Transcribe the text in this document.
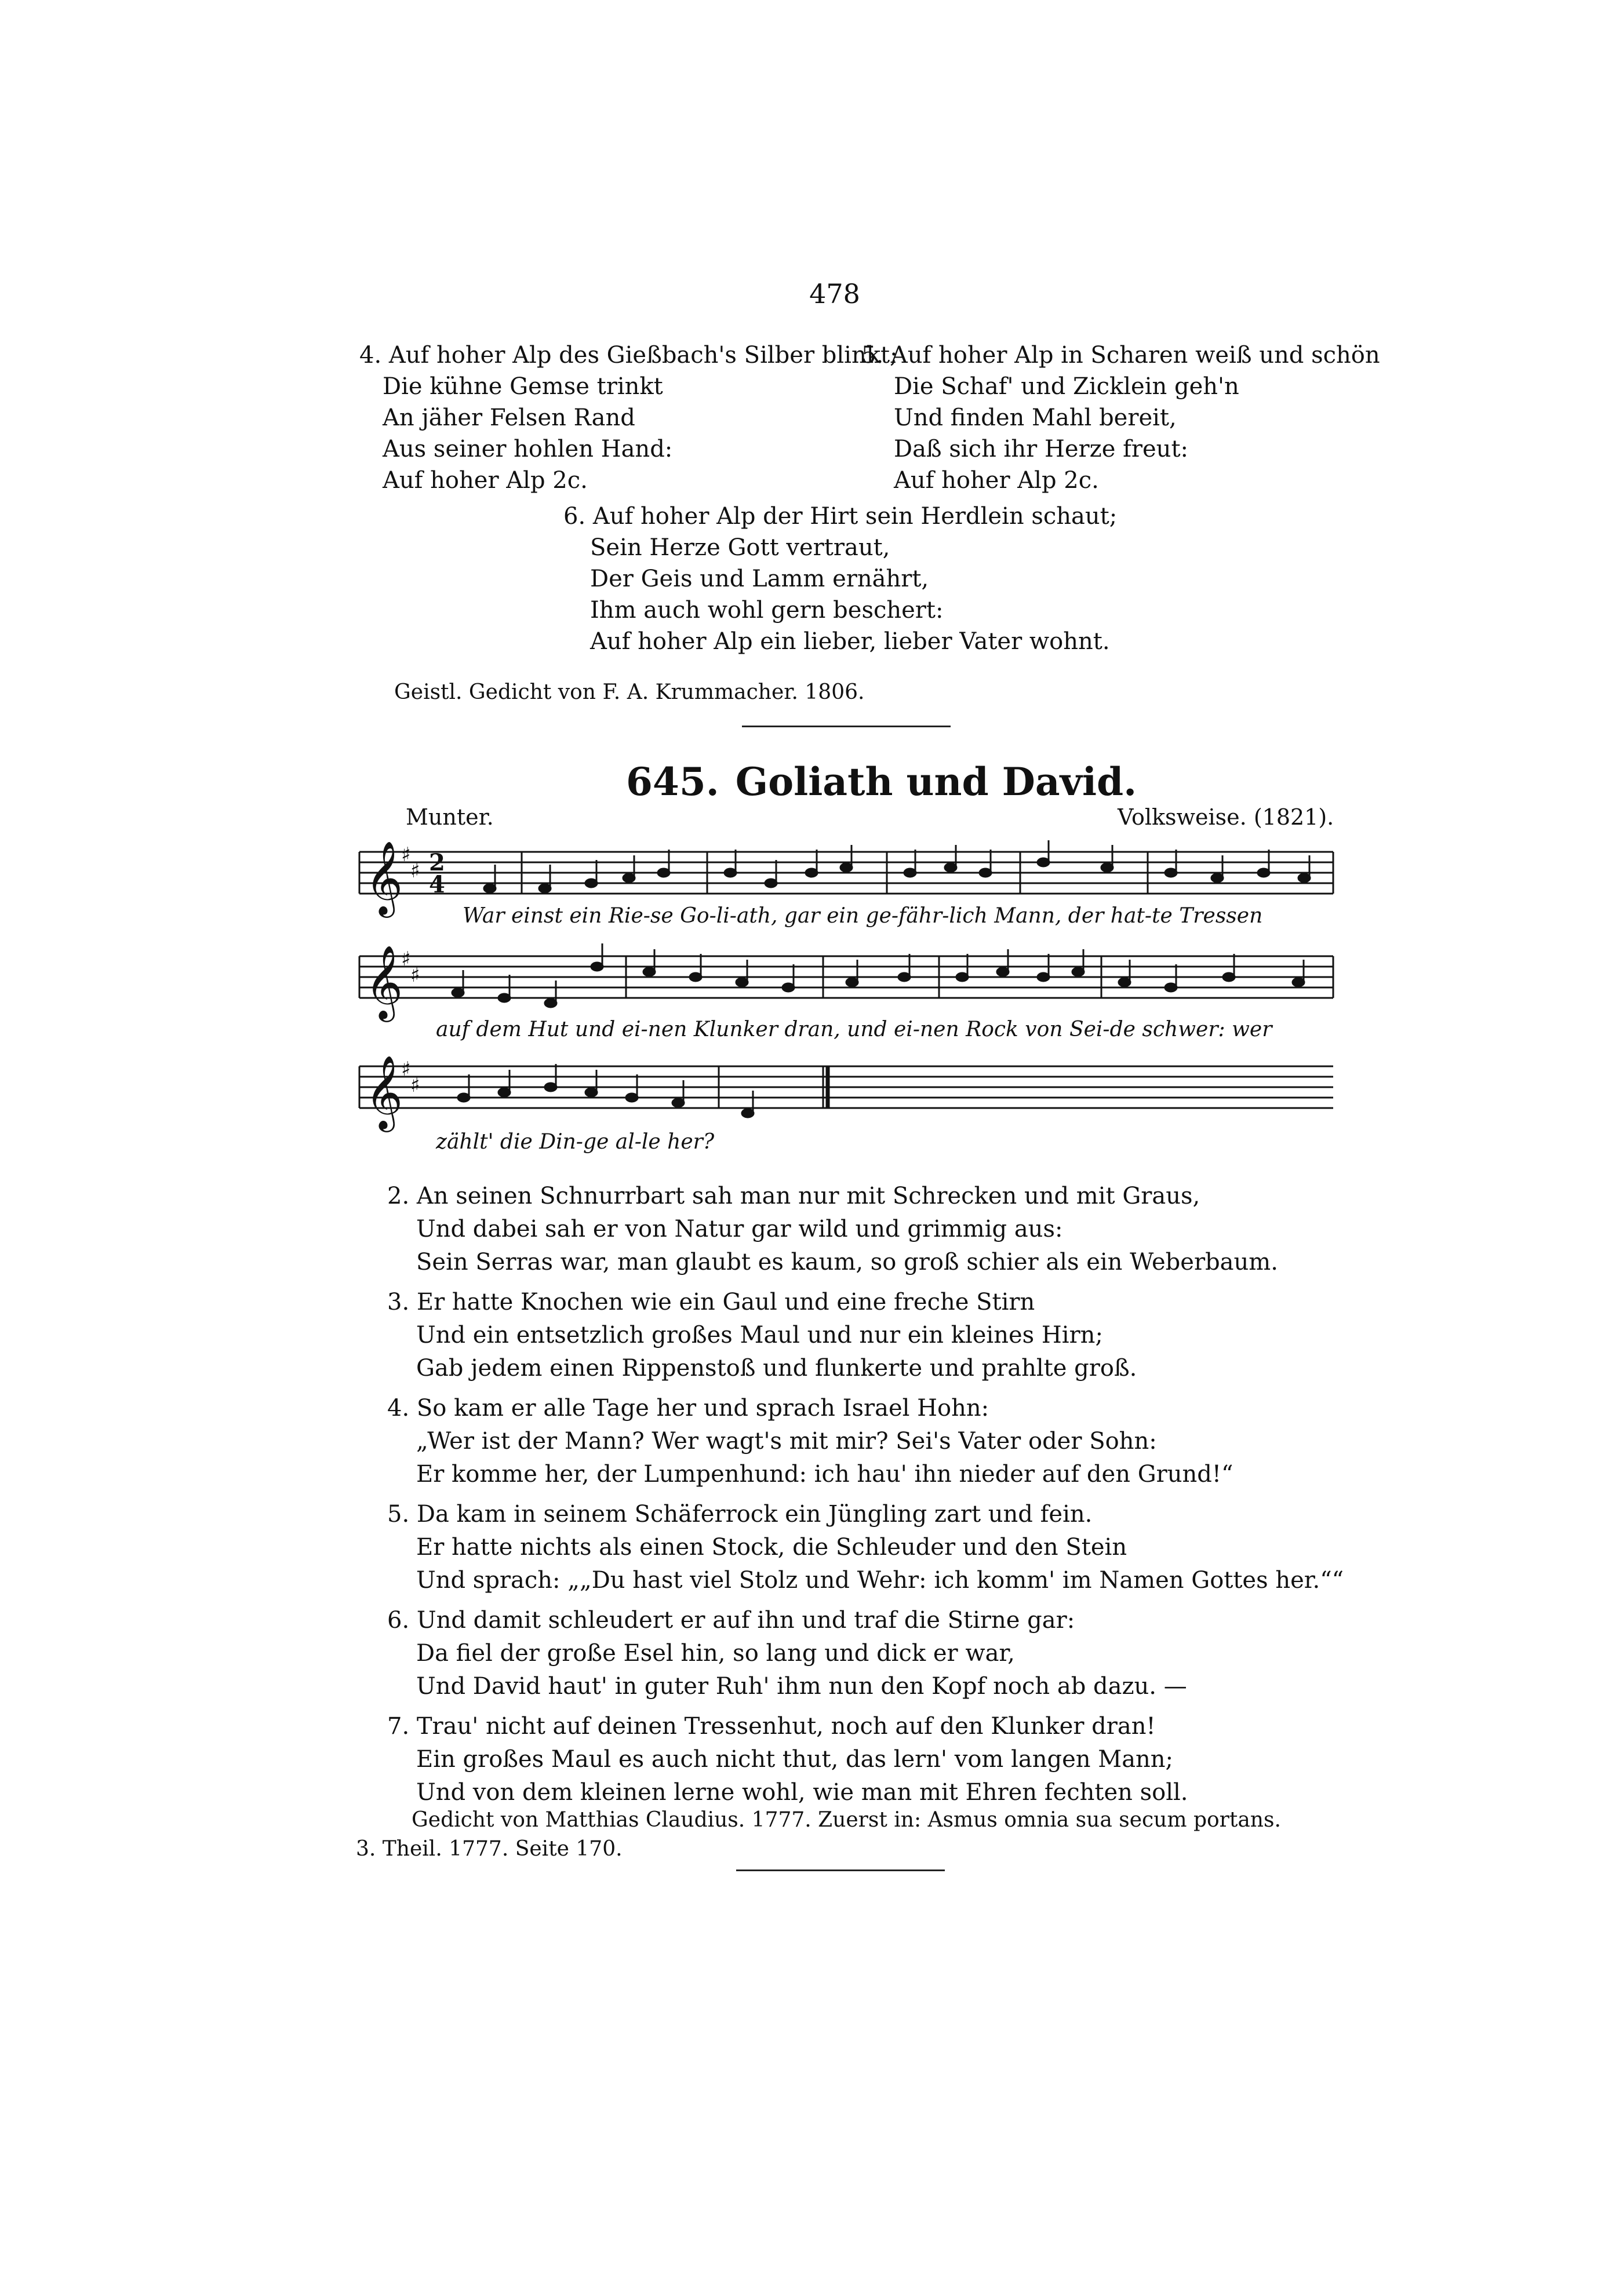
478
4. Auf hoher Alp des Gießbach's Silber blinkt;
Die kühne Gemse trinkt
An jäher Felsen Rand
Aus seiner hohlen Hand:
Auf hoher Alp 2c.
5. Auf hoher Alp in Scharen weiß und schön
Die Schaf' und Zicklein geh'n
Und finden Mahl bereit,
Daß sich ihr Herze freut:
Auf hoher Alp 2c.
6. Auf hoher Alp der Hirt sein Herdlein schaut;
Sein Herze Gott vertraut,
Der Geis und Lamm ernährt,
Ihm auch wohl gern beschert:
Auf hoher Alp ein lieber, lieber Vater wohnt.
Geistl. Gedicht von F. A. Krummacher. 1806.
645. Goliath und David.
Munter.	Volksweise. (1821).
𝄞
𝄞
𝄞
♯
♯
♯
♯
♯
♯
2
4
War einst ein Rie-se Go-li-ath, gar ein ge-fähr-lich Mann, der hat-te Tressen
auf dem Hut und ei-nen Klunker dran, und ei-nen Rock von Sei-de schwer: wer
zählt' die Din-ge al-le her?
2. An seinen Schnurrbart sah man nur mit Schrecken und mit Graus,
Und dabei sah er von Natur gar wild und grimmig aus:
Sein Serras war, man glaubt es kaum, so groß schier als ein Weberbaum.
3. Er hatte Knochen wie ein Gaul und eine freche Stirn
Und ein entsetzlich großes Maul und nur ein kleines Hirn;
Gab jedem einen Rippenstoß und flunkerte und prahlte groß.
4. So kam er alle Tage her und sprach Israel Hohn:
„Wer ist der Mann? Wer wagt's mit mir? Sei's Vater oder Sohn:
Er komme her, der Lumpenhund: ich hau' ihn nieder auf den Grund!“
5. Da kam in seinem Schäferrock ein Jüngling zart und fein.
Er hatte nichts als einen Stock, die Schleuder und den Stein
Und sprach: „„Du hast viel Stolz und Wehr: ich komm' im Namen Gottes her.““
6. Und damit schleudert er auf ihn und traf die Stirne gar:
Da fiel der große Esel hin, so lang und dick er war,
Und David haut' in guter Ruh' ihm nun den Kopf noch ab dazu. —
7. Trau' nicht auf deinen Tressenhut, noch auf den Klunker dran!
Ein großes Maul es auch nicht thut, das lern' vom langen Mann;
Und von dem kleinen lerne wohl, wie man mit Ehren fechten soll.
Gedicht von Matthias Claudius. 1777. Zuerst in: Asmus omnia sua secum portans.
3. Theil. 1777. Seite 170.
